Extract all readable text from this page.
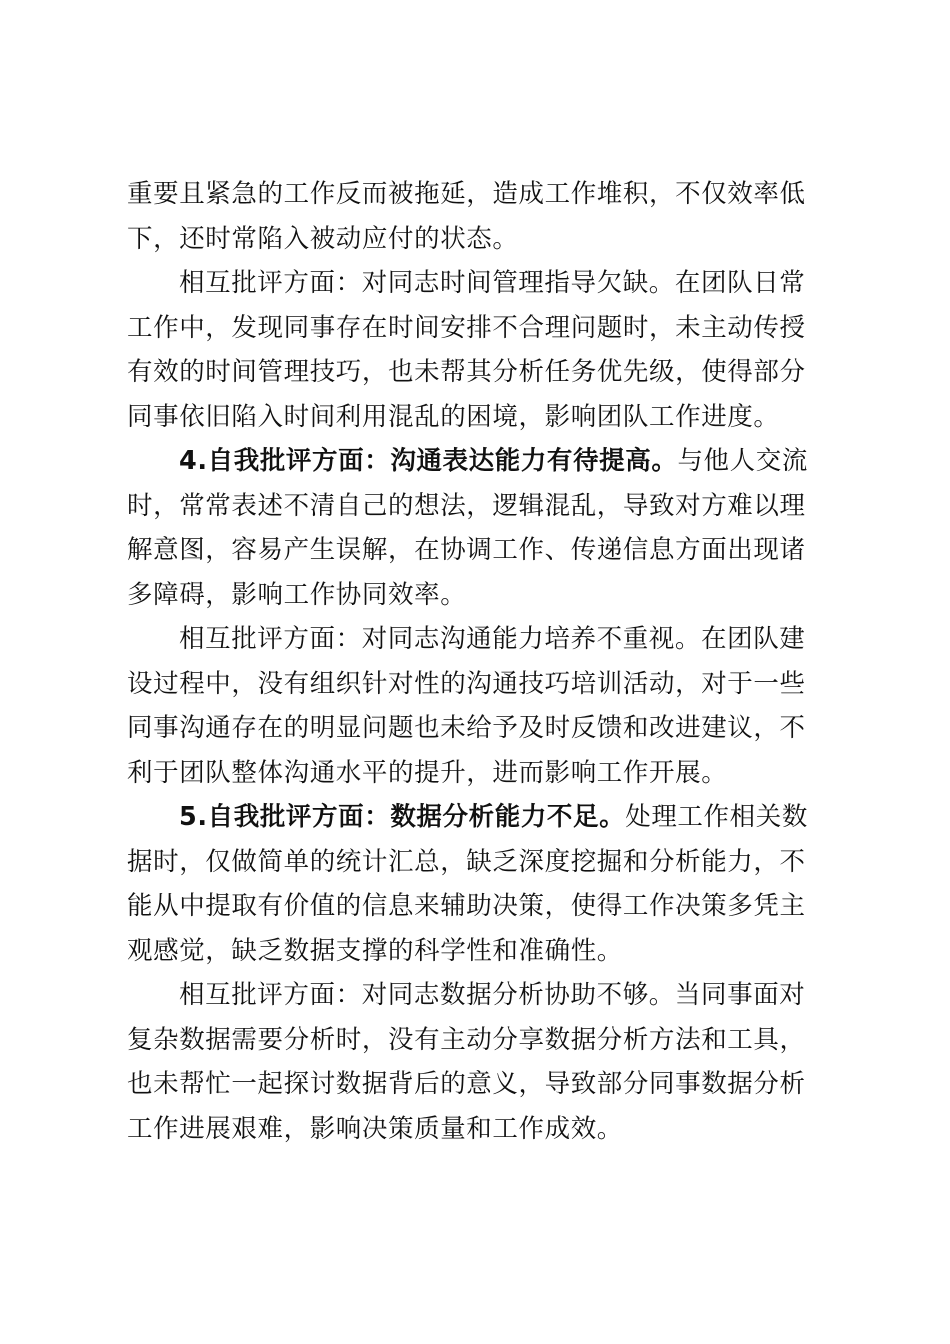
重要且紧急的工作反而被拖延，造成工作堆积，不仅效率低下，还时常陷入被动应付的状态。

相互批评方面：对同志时间管理指导欠缺。在团队日常工作中，发现同事存在时间安排不合理问题时，未主动传授有效的时间管理技巧，也未帮其分析任务优先级，使得部分同事依旧陷入时间利用混乱的困境，影响团队工作进度。

4.自我批评方面：沟通表达能力有待提高。与他人交流时，常常表述不清自己的想法，逻辑混乱，导致对方难以理解意图，容易产生误解，在协调工作、传递信息方面出现诸多障碍，影响工作协同效率。

相互批评方面：对同志沟通能力培养不重视。在团队建设过程中，没有组织针对性的沟通技巧培训活动，对于一些同事沟通存在的明显问题也未给予及时反馈和改进建议，不利于团队整体沟通水平的提升，进而影响工作开展。

5.自我批评方面：数据分析能力不足。处理工作相关数据时，仅做简单的统计汇总，缺乏深度挖掘和分析能力，不能从中提取有价值的信息来辅助决策，使得工作决策多凭主观感觉，缺乏数据支撑的科学性和准确性。

相互批评方面：对同志数据分析协助不够。当同事面对复杂数据需要分析时，没有主动分享数据分析方法和工具，也未帮忙一起探讨数据背后的意义，导致部分同事数据分析工作进展艰难，影响决策质量和工作成效。
